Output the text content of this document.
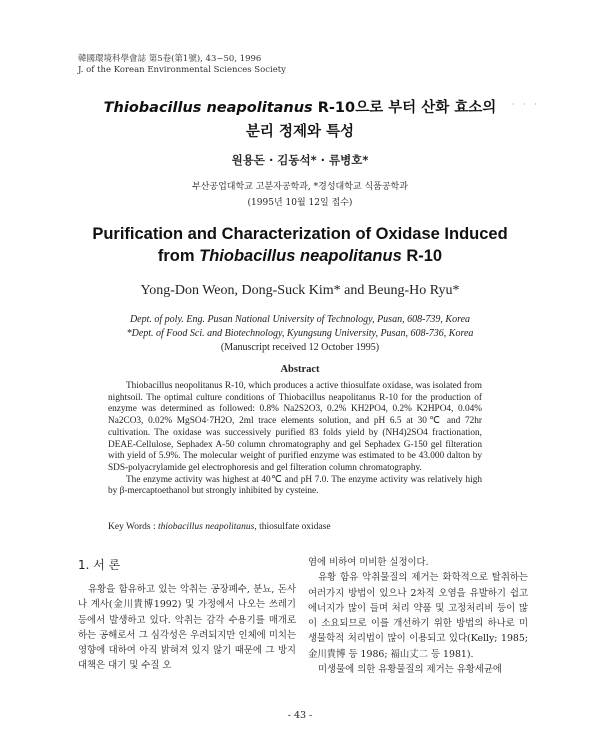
韓國環境科學會誌 第5卷(第1號), 43~50, 1996
J. of the Korean Environmental Sciences Society
· · ·
Thiobacillus neapolitanus R-10으로 부터 산화 효소의
분리 정제와 특성
원용돈 · 김동석* · 류병호*
부산공업대학교 고분자공학과, *경성대학교 식품공학과
(1995년 10월 12일 접수)
Purification and Characterization of Oxidase Induced
from Thiobacillus neapolitanus R-10
Yong-Don Weon, Dong-Suck Kim* and Beung-Ho Ryu*
Dept. of poly. Eng. Pusan National University of Technology, Pusan, 608-739, Korea
*Dept. of Food Sci. and Biotechnology, Kyungsung University, Pusan, 608-736, Korea
(Manuscript received 12 October 1995)
Abstract

Thiobacillus neopolitanus R-10, which produces a active thiosulfate oxidase, was isolated from nightsoil. The optimal culture conditions of Thiobacillus neapolitanus R-10 for the production of enzyme was determined as followed: 0.8% Na2S2O3, 0.2% KH2PO4, 0.2% K2HPO4, 0.04% Na2CO3, 0.02% MgSO4·7H2O, 2ml trace elements solution, and pH 6.5 at 30℃ and 72hr cultivation. The oxidase was successively purified 83 folds yield by (NH4)2SO4 fractionation, DEAE-Cellulose, Sephadex A-50 column chromatography and gel Sephadex G-150 gel filteration with yield of 5.9%. The molecular weight of purified enzyme was estimated to be 43.000 dalton by SDS-polyacrylamide gel electrophoresis and gel filteration column chromatography.

The enzyme activity was highest at 40℃ and pH 7.0. The enzyme activity was relatively high by β-mercaptoethanol but strongly inhibited by cysteine.

Key Words : thiobacillus neapolitanus, thiosulfate oxidase
1. 서 론

유황을 함유하고 있는 악취는 공장폐수, 분뇨, 돈사나 계사(金川貴博1992) 및 가정에서 나오는 쓰레기 등에서 발생하고 있다. 악취는 감각 수용기를 매개로 하는 공해로서 그 심각성은 우려되지만 인체에 미치는 영향에 대하여 아직 밝혀져 있지 않기 때문에 그 방지 대책은 대기 및 수질 오

염에 비하여 미비한 실정이다.

유황 함유 악취물질의 제거는 화학적으로 탈취하는 여러가지 방법이 있으나 2차적 오염을 유발하기 쉽고 에너지가 많이 들며 처리 약품 및 고정처리비 등이 많이 소요되므로 이를 개선하기 위한 방법의 하나로 미생물학적 처리법이 많이 이용되고 있다(Kelly; 1985; 金川貴博 등 1986; 福山丈二 등 1981).

미생물에 의한 유황물질의 제거는 유황세균에

- 43 -
